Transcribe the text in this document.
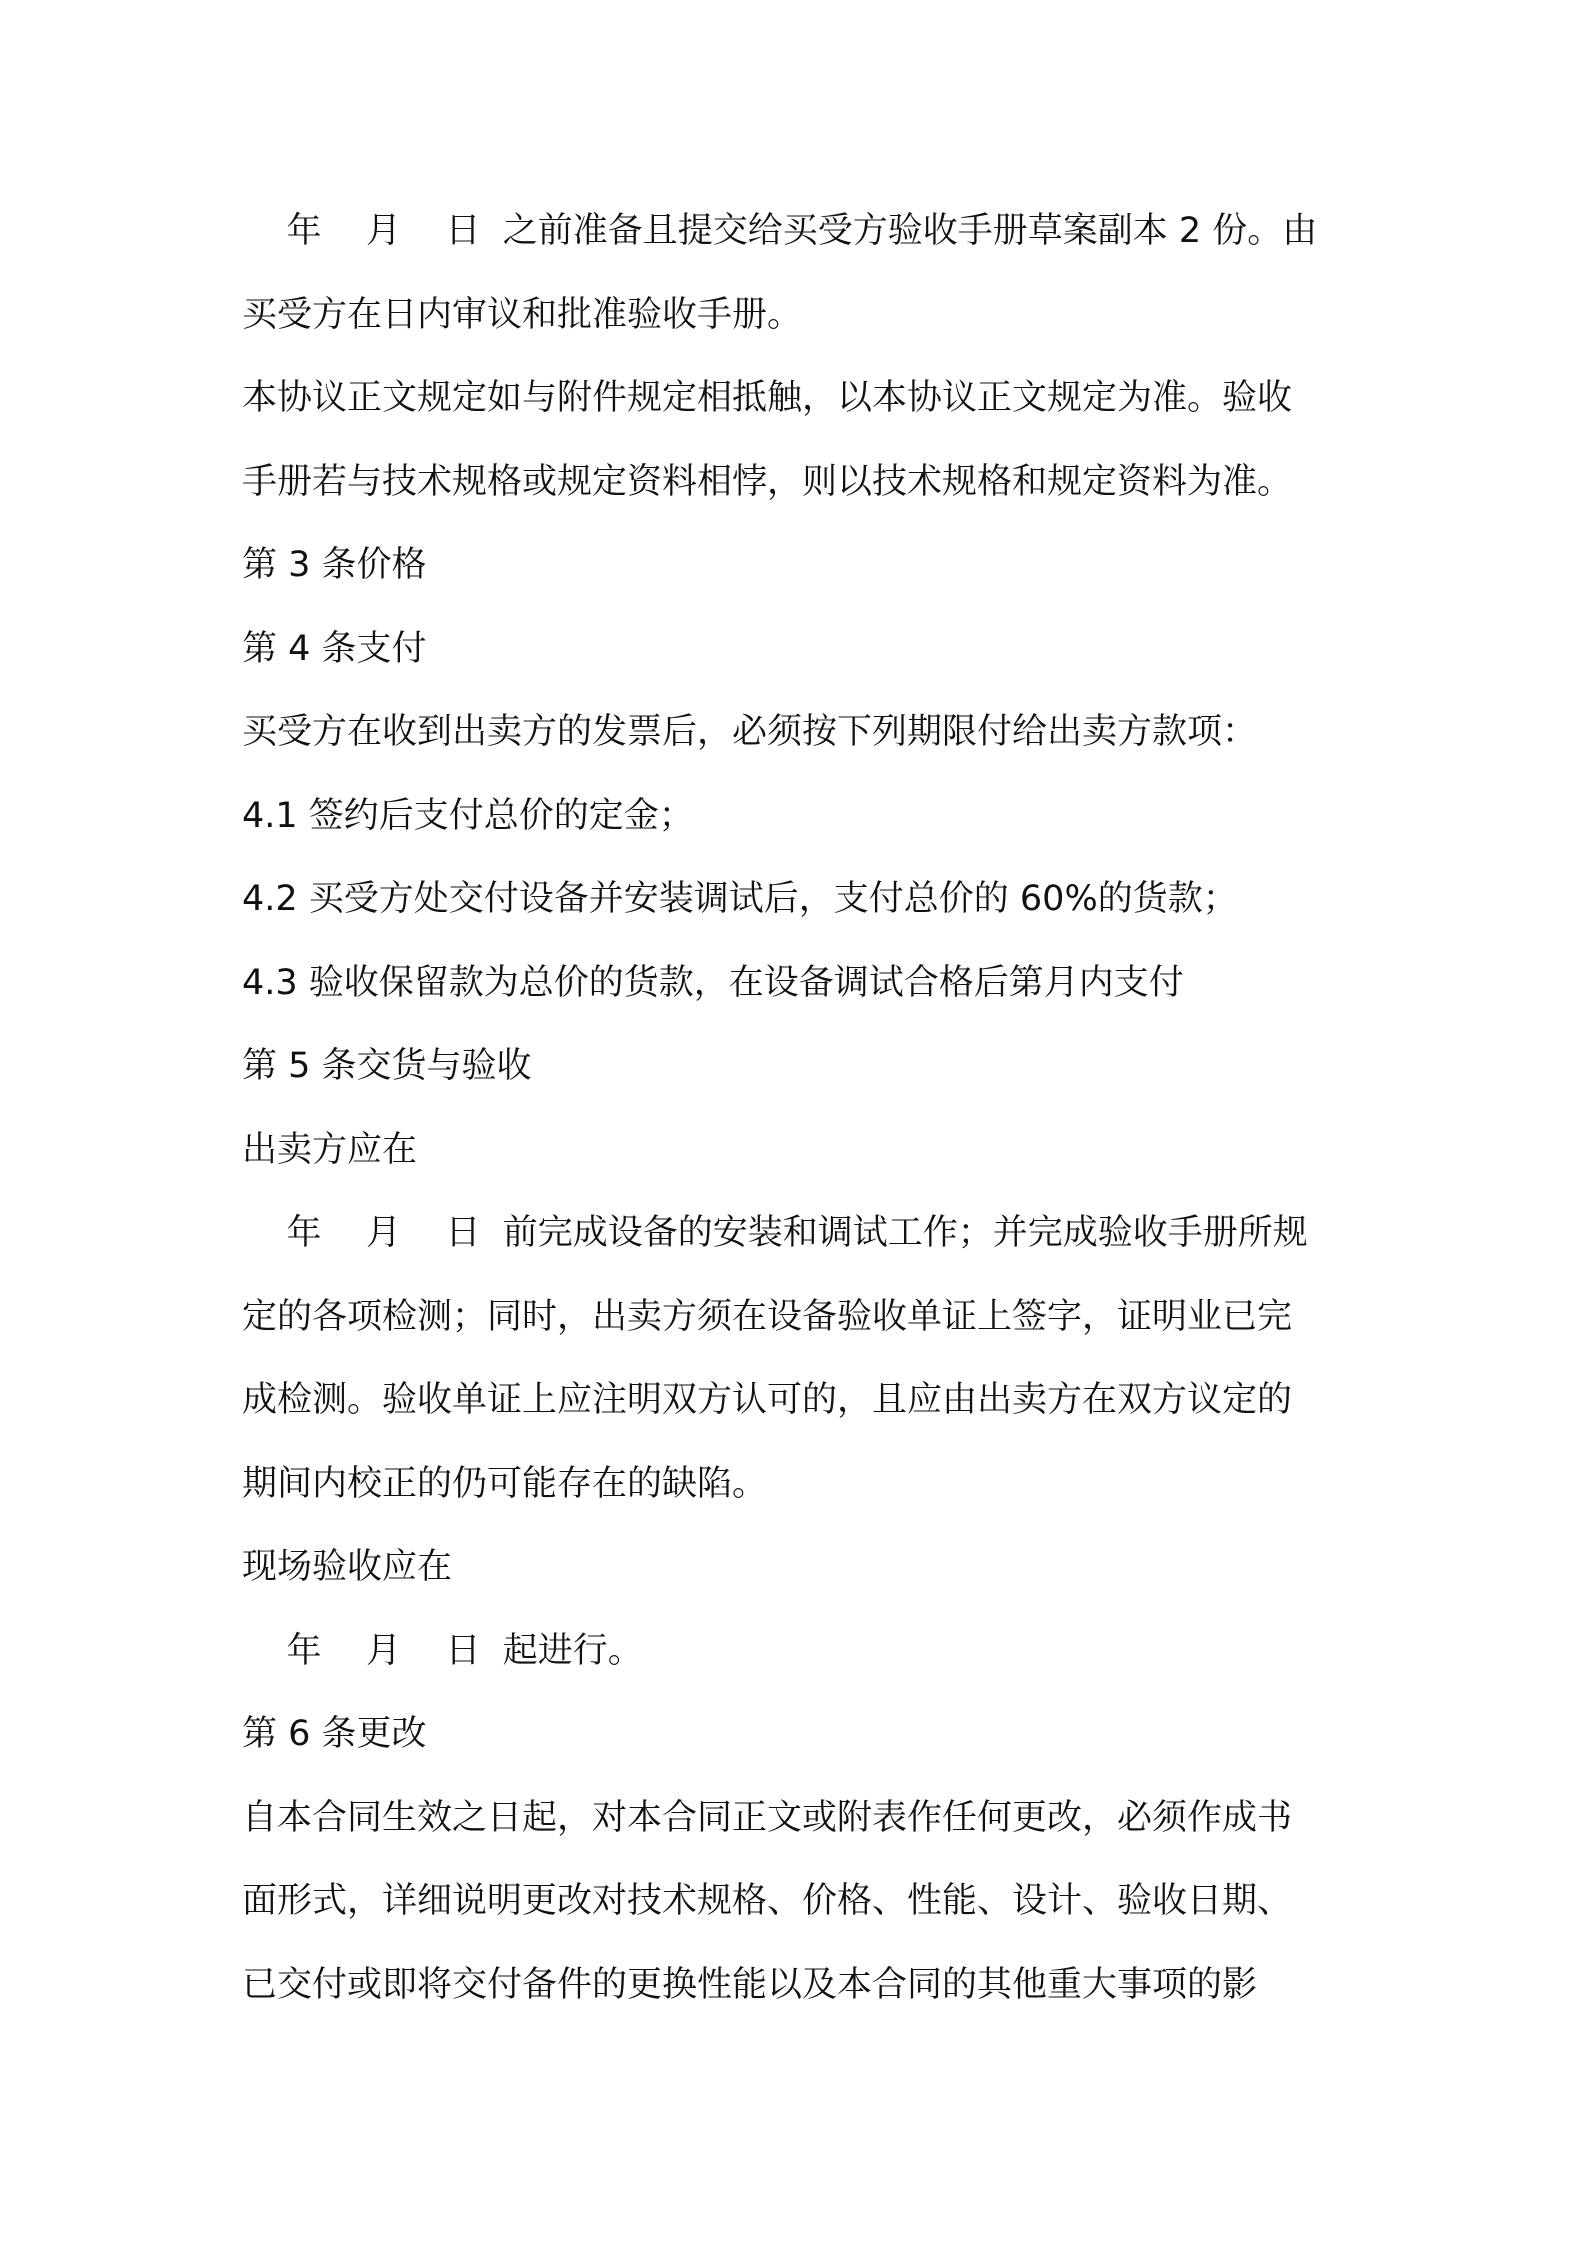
年    月    日  之前准备且提交给买受方验收手册草案副本 2 份。由
买受方在日内审议和批准验收手册。
本协议正文规定如与附件规定相抵触，以本协议正文规定为准。验收
手册若与技术规格或规定资料相悖，则以技术规格和规定资料为准。
第 3 条价格
第 4 条支付
买受方在收到出卖方的发票后，必须按下列期限付给出卖方款项：
4.1 签约后支付总价的定金；
4.2 买受方处交付设备并安装调试后，支付总价的 60%的货款；
4.3 验收保留款为总价的货款，在设备调试合格后第月内支付
第 5 条交货与验收
出卖方应在
年    月    日  前完成设备的安装和调试工作；并完成验收手册所规
定的各项检测；同时，出卖方须在设备验收单证上签字，证明业已完
成检测。验收单证上应注明双方认可的，且应由出卖方在双方议定的
期间内校正的仍可能存在的缺陷。
现场验收应在
年    月    日  起进行。
第 6 条更改
自本合同生效之日起，对本合同正文或附表作任何更改，必须作成书
面形式，详细说明更改对技术规格、价格、性能、设计、验收日期、
已交付或即将交付备件的更换性能以及本合同的其他重大事项的影
